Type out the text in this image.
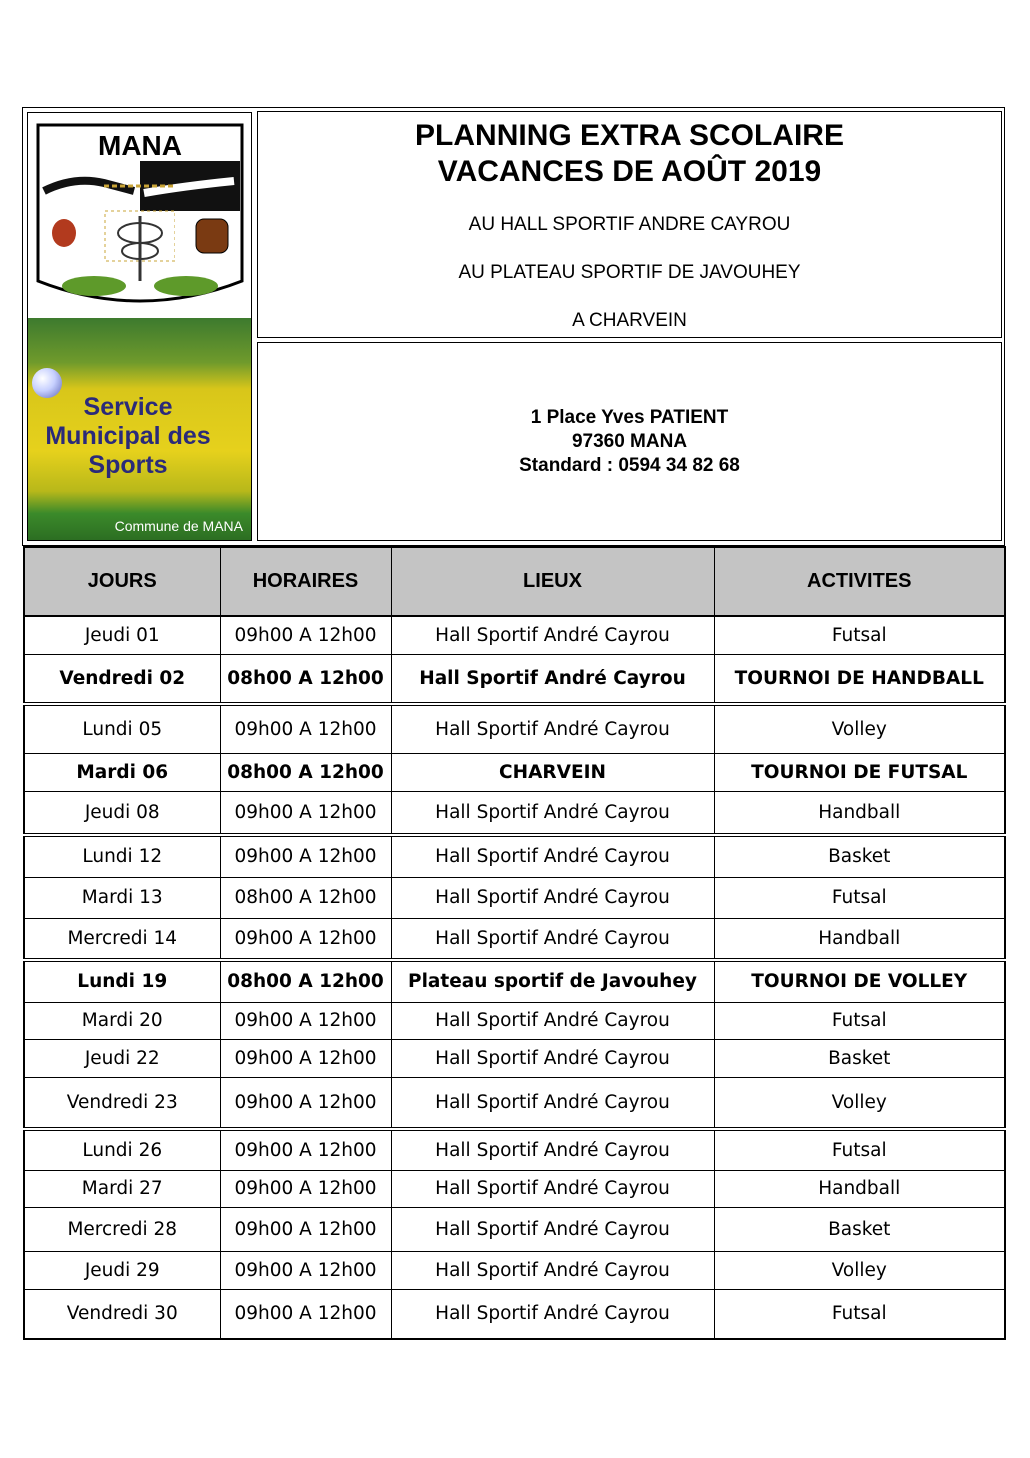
MANA
Service
Municipal des
Sports
Commune de MANA
PLANNING EXTRA SCOLAIRE
VACANCES DE AOÛT 2019
AU HALL SPORTIF ANDRE CAYROU
AU PLATEAU SPORTIF DE JAVOUHEY
A CHARVEIN
1 Place Yves PATIENT
97360 MANA
Standard : 0594 34 82 68
JOURS	HORAIRES	LIEUX	ACTIVITES
Jeudi 01	09h00 A 12h00	Hall Sportif André Cayrou	Futsal
Vendredi 02	08h00 A 12h00	Hall Sportif André Cayrou	TOURNOI DE HANDBALL
Lundi 05	09h00 A 12h00	Hall Sportif André Cayrou	Volley
Mardi 06	08h00 A 12h00	CHARVEIN	TOURNOI DE FUTSAL
Jeudi 08	09h00 A 12h00	Hall Sportif André Cayrou	Handball
Lundi 12	09h00 A 12h00	Hall Sportif André Cayrou	Basket
Mardi 13	08h00 A 12h00	Hall Sportif André Cayrou	Futsal
Mercredi 14	09h00 A 12h00	Hall Sportif André Cayrou	Handball
Lundi 19	08h00 A 12h00	Plateau sportif de Javouhey	TOURNOI DE VOLLEY
Mardi 20	09h00 A 12h00	Hall Sportif André Cayrou	Futsal
Jeudi 22	09h00 A 12h00	Hall Sportif André Cayrou	Basket
Vendredi 23	09h00 A 12h00	Hall Sportif André Cayrou	Volley
Lundi 26	09h00 A 12h00	Hall Sportif André Cayrou	Futsal
Mardi 27	09h00 A 12h00	Hall Sportif André Cayrou	Handball
Mercredi 28	09h00 A 12h00	Hall Sportif André Cayrou	Basket
Jeudi 29	09h00 A 12h00	Hall Sportif André Cayrou	Volley
Vendredi 30	09h00 A 12h00	Hall Sportif André Cayrou	Futsal
